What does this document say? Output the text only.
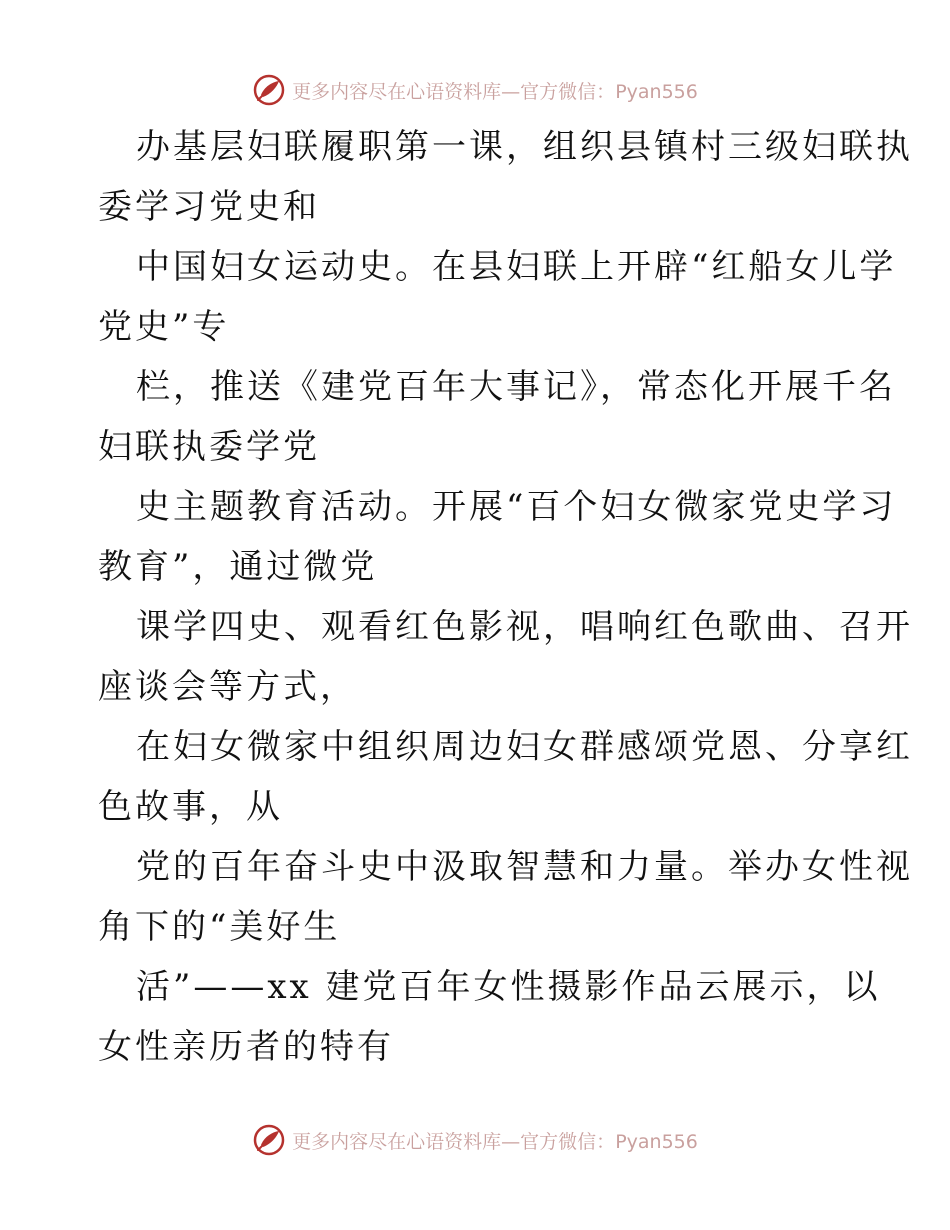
更多内容尽在心语资料库—官方微信：Pyan556
办基层妇联履职第一课，组织县镇村三级妇联执
委学习党史和
中国妇女运动史。在县妇联上开辟“红船女儿学
党史”专
栏，推送《建党百年大事记》，常态化开展千名
妇联执委学党
史主题教育活动。开展“百个妇女微家党史学习
教育”，通过微党
课学四史、观看红色影视，唱响红色歌曲、召开
座谈会等方式，
在妇女微家中组织周边妇女群感颂党恩、分享红
色故事，从
党的百年奋斗史中汲取智慧和力量。举办女性视
角下的“美好生
活”——xx 建党百年女性摄影作品云展示，以
女性亲历者的特有
更多内容尽在心语资料库—官方微信：Pyan556
